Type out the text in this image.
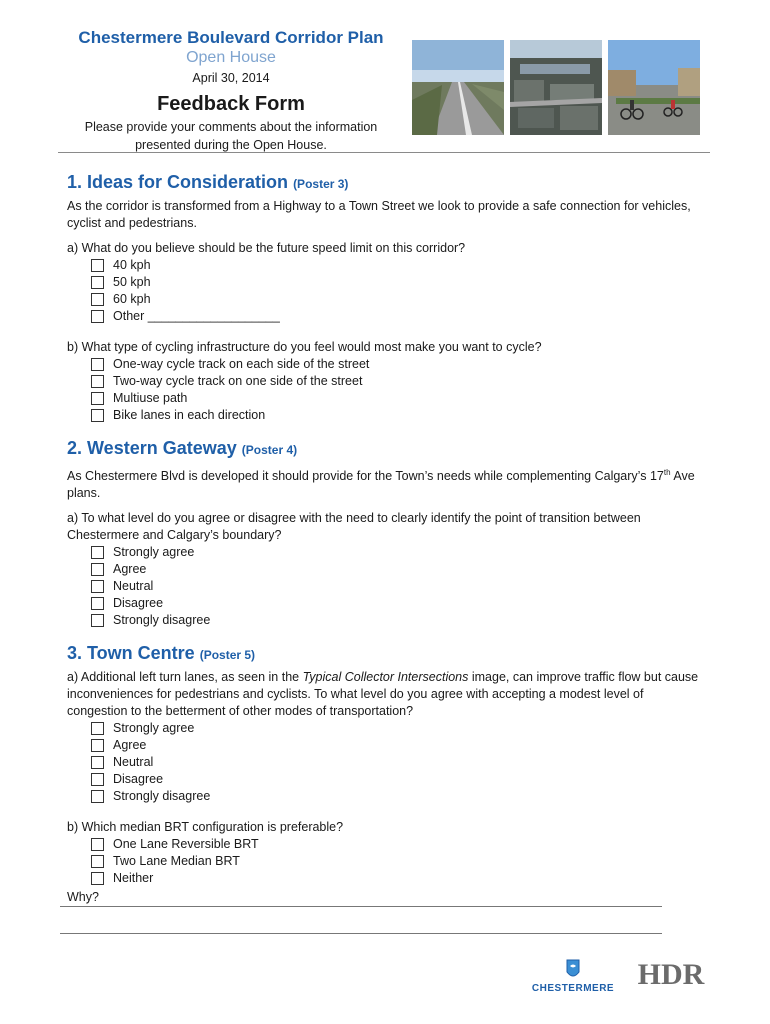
Chestermere Boulevard Corridor Plan
Open House
April 30, 2014
Feedback Form
Please provide your comments about the information
presented during the Open House.
1. Ideas for Consideration (Poster 3)

As the corridor is transformed from a Highway to a Town Street we look to provide a safe connection for vehicles, cyclist and pedestrians.

a) What do you believe should be the future speed limit on this corridor?
40 kph
50 kph
60 kph
Other ___________________
b) What type of cycling infrastructure do you feel would most make you want to cycle?
One-way cycle track on each side of the street
Two-way cycle track on one side of the street
Multiuse path
Bike lanes in each direction
2. Western Gateway (Poster 4)

As Chestermere Blvd is developed it should provide for the Town’s needs while complementing Calgary’s 17th Ave plans.

a) To what level do you agree or disagree with the need to clearly identify the point of transition between Chestermere and Calgary’s boundary?
Strongly agree
Agree
Neutral
Disagree
Strongly disagree
3. Town Centre (Poster 5)

a) Additional left turn lanes, as seen in the Typical Collector Intersections image, can improve traffic flow but cause inconveniences for pedestrians and cyclists. To what level do you agree with accepting a modest level of congestion to the betterment of other modes of transportation?

Strongly agree
Agree
Neutral
Disagree
Strongly disagree
b) Which median BRT configuration is preferable?
One Lane Reversible BRT
Two Lane Median BRT
Neither
Why?
CHESTERMERE HDR
